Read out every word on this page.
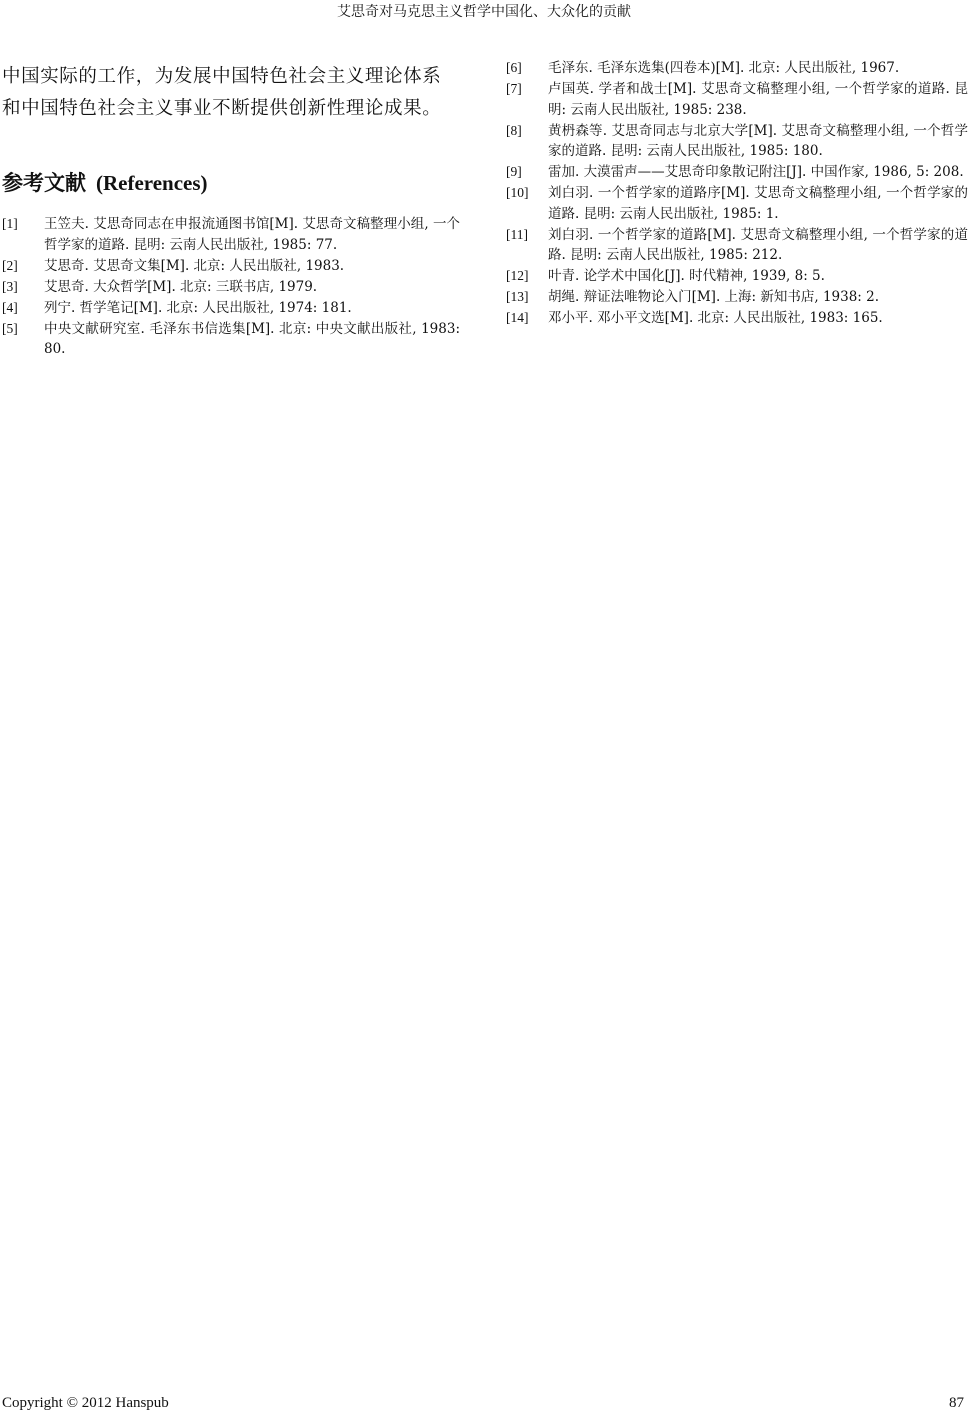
艾思奇对马克思主义哲学中国化、大众化的贡献
中国实际的工作，为发展中国特色社会主义理论体系
和中国特色社会主义事业不断提供创新性理论成果。
参考文献 (References)
[1]	王笠夫. 艾思奇同志在申报流通图书馆[M]. 艾思奇文稿整理小组, 一个哲学家的道路. 昆明: 云南人民出版社, 1985: 77.
[2]	艾思奇. 艾思奇文集[M]. 北京: 人民出版社, 1983.
[3]	艾思奇. 大众哲学[M]. 北京: 三联书店, 1979.
[4]	列宁. 哲学笔记[M]. 北京: 人民出版社, 1974: 181.
[5]	中央文献研究室. 毛泽东书信选集[M]. 北京: 中央文献出版社, 1983: 80.
[6]	毛泽东. 毛泽东选集(四卷本)[M]. 北京: 人民出版社, 1967.
[7]	卢国英. 学者和战士[M]. 艾思奇文稿整理小组, 一个哲学家的道路. 昆明: 云南人民出版社, 1985: 238.
[8]	黄枬森等. 艾思奇同志与北京大学[M]. 艾思奇文稿整理小组, 一个哲学家的道路. 昆明: 云南人民出版社, 1985: 180.
[9]	雷加. 大漠雷声——艾思奇印象散记附注[J]. 中国作家, 1986, 5: 208.
[10]	刘白羽. 一个哲学家的道路序[M]. 艾思奇文稿整理小组, 一个哲学家的道路. 昆明: 云南人民出版社, 1985: 1.
[11]	刘白羽. 一个哲学家的道路[M]. 艾思奇文稿整理小组, 一个哲学家的道路. 昆明: 云南人民出版社, 1985: 212.
[12]	叶青. 论学术中国化[J]. 时代精神, 1939, 8: 5.
[13]	胡绳. 辩证法唯物论入门[M]. 上海: 新知书店, 1938: 2.
[14]	邓小平. 邓小平文选[M]. 北京: 人民出版社, 1983: 165.
Copyright © 2012 Hanspub	87
